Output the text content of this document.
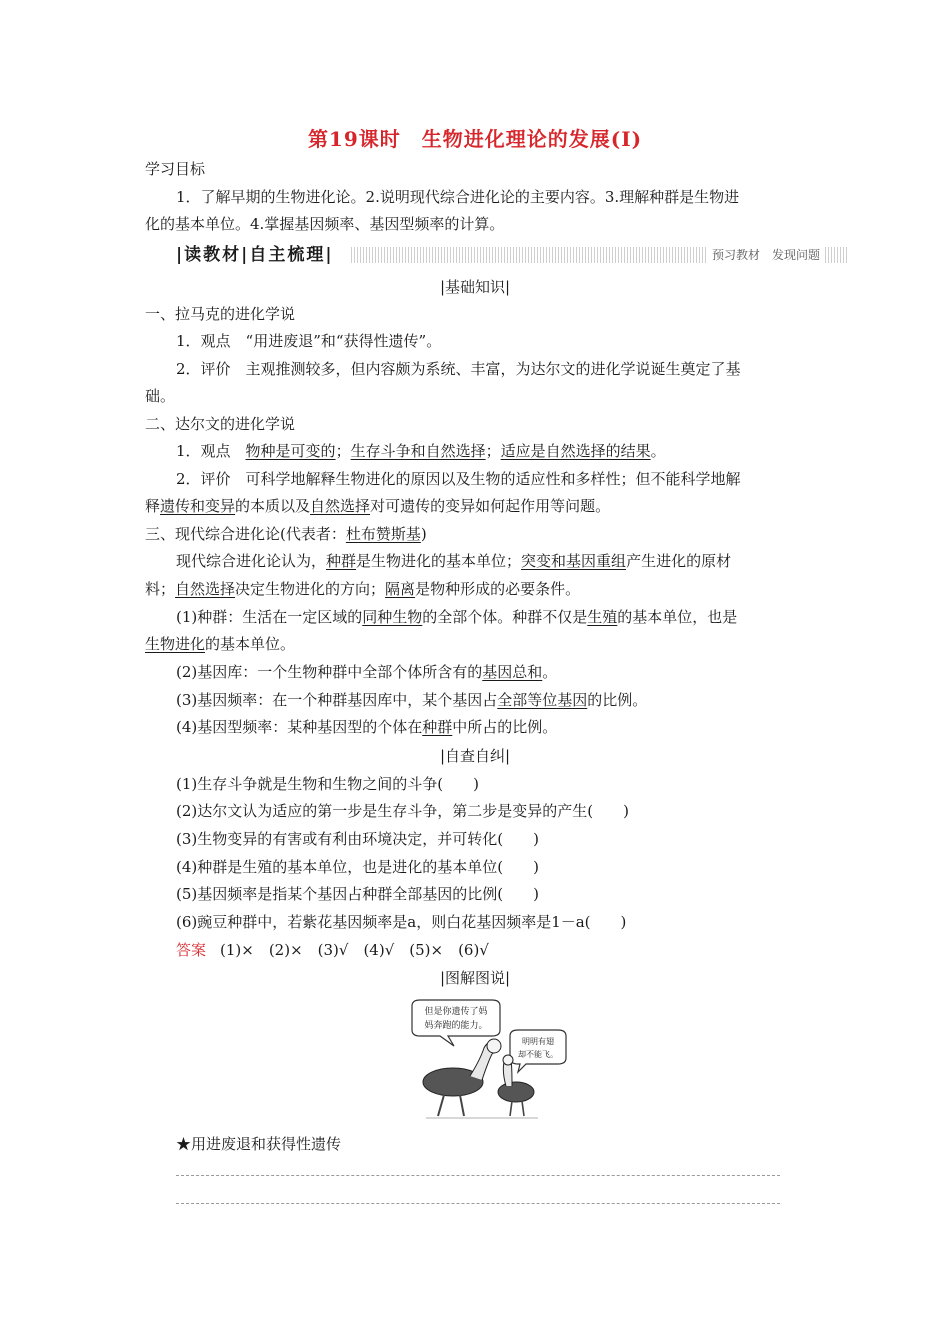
第19课时　生物进化理论的发展(Ⅰ)
学习目标
1．了解早期的生物进化论。2.说明现代综合进化论的主要内容。3.理解种群是生物进
化的基本单位。4.掌握基因频率、基因型频率的计算。
|读教材|自主梳理|	预习教材　发现问题
|基础知识|
一、拉马克的进化学说
1．观点　“用进废退”和“获得性遗传”。
2．评价　主观推测较多，但内容颇为系统、丰富，为达尔文的进化学说诞生奠定了基
础。
二、达尔文的进化学说
1．观点　物种是可变的；生存斗争和自然选择；适应是自然选择的结果。
2．评价　可科学地解释生物进化的原因以及生物的适应性和多样性；但不能科学地解
释遗传和变异的本质以及自然选择对可遗传的变异如何起作用等问题。
三、现代综合进化论(代表者：杜布赞斯基)
现代综合进化论认为，种群是生物进化的基本单位；突变和基因重组产生进化的原材
料；自然选择决定生物进化的方向；隔离是物种形成的必要条件。
(1)种群：生活在一定区域的同种生物的全部个体。种群不仅是生殖的基本单位，也是
生物进化的基本单位。
(2)基因库：一个生物种群中全部个体所含有的基因总和。
(3)基因频率：在一个种群基因库中，某个基因占全部等位基因的比例。
(4)基因型频率：某种基因型的个体在种群中所占的比例。
|自查自纠|
(1)生存斗争就是生物和生物之间的斗争(　　)
(2)达尔文认为适应的第一步是生存斗争，第二步是变异的产生(　　)
(3)生物变异的有害或有利由环境决定，并可转化(　　)
(4)种群是生殖的基本单位，也是进化的基本单位(　　)
(5)基因频率是指某个基因占种群全部基因的比例(　　)
(6)豌豆种群中，若紫花基因频率是a，则白花基因频率是1－a(　　)
答案 (1)×　(2)×　(3)√　(4)√　(5)×　(6)√
|图解图说|
但是你遗传了妈
妈奔跑的能力。
明明有翅
却不能飞。
★用进废退和获得性遗传
